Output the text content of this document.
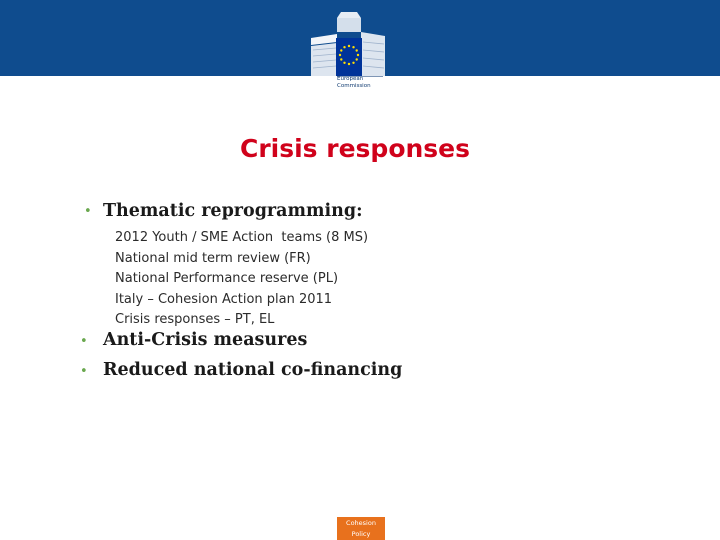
European
Commission
Crisis responses
• Thematic reprogramming:
2012 Youth / SME Action  teams (8 MS)
National mid term review (FR)
National Performance reserve (PL)
Italy – Cohesion Action plan 2011
Crisis responses – PT, EL
• Anti-Crisis measures
• Reduced national co-financing
Cohesion
Policy
